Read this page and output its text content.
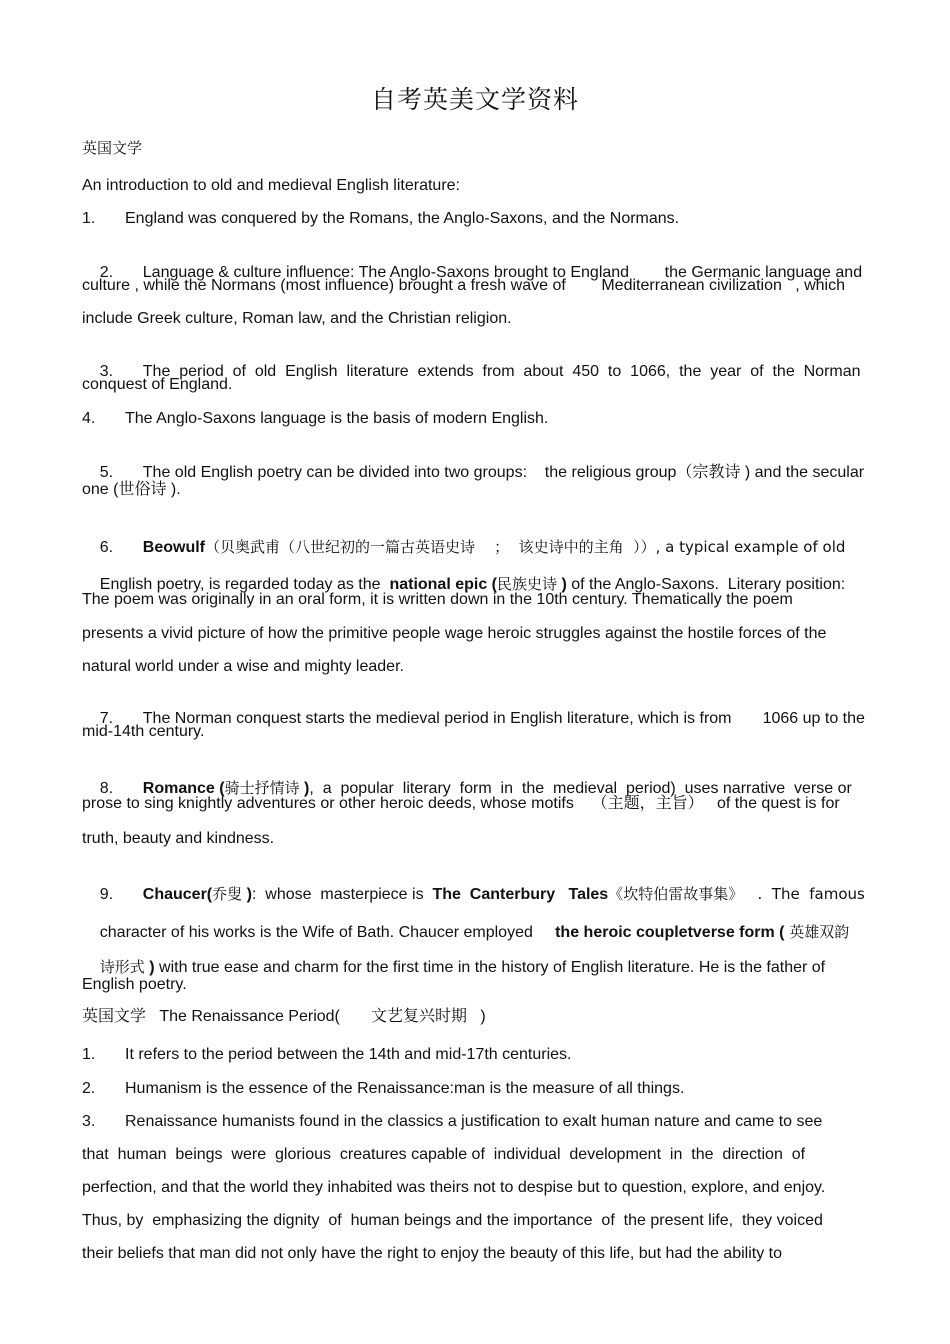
自考英美文学资料
英国文学
An introduction to old and medieval English literature:
1. England was conquered by the Romans, the Anglo-Saxons, and the Normans.

2. Language & culture influence: The Anglo-Saxons brought to England        the Germanic language and

culture , while the Normans (most influence) brought a fresh wave of        Mediterranean civilization   , which
include Greek culture, Roman law, and the Christian religion.

3. The  period  of  old  English  literature  extends  from  about  450  to  1066,  the  year  of  the  Norman

conquest of England.
4. The Anglo-Saxons language is the basis of modern English.

5. The old English poetry can be divided into two groups:    the religious group（宗教诗 ) and the secular

one (世俗诗 ).

6. Beowulf（贝奥武甫（八世纪初的一篇古英语史诗    ；  该史诗中的主角  ））, a typical example of old

English poetry, is regarded today as the  national epic (民族史诗 ) of the Anglo-Saxons.  Literary position:

The poem was originally in an oral form, it is written down in the 10th century. Thematically the poem
presents a vivid picture of how the primitive people wage heroic struggles against the hostile forces of the
natural world under a wise and mighty leader.

7. The Norman conquest starts the medieval period in English literature, which is from       1066 up to the

mid-14th century.

8. Romance (骑士抒情诗 ),  a  popular  literary  form  in  the  medieval  period)  uses narrative  verse or

prose to sing knightly adventures or other heroic deeds, whose motifs    （主题，主旨）   of the quest is for
truth, beauty and kindness.

9. Chaucer(乔叟 ):  whose  masterpiece is  The  Canterbury   Tales《坎特伯雷故事集》   .  The  famous

character of his works is the Wife of Bath. Chaucer employed     the heroic coupletverse form ( 英雄双韵

诗形式 ) with true ease and charm for the first time in the history of English literature. He is the father of

English poetry.
英国文学   The Renaissance Period(       文艺复兴时期   )
1. It refers to the period between the 14th and mid-17th centuries.
2. Humanism is the essence of the Renaissance:man is the measure of all things.
3. Renaissance humanists found in the classics a justification to exalt human nature and came to see
that  human  beings  were  glorious  creatures capable of  individual  development  in  the  direction  of
perfection, and that the world they inhabited was theirs not to despise but to question, explore, and enjoy.
Thus, by  emphasizing the dignity  of  human beings and the importance  of  the present life,  they voiced
their beliefs that man did not only have the right to enjoy the beauty of this life, but had the ability to
